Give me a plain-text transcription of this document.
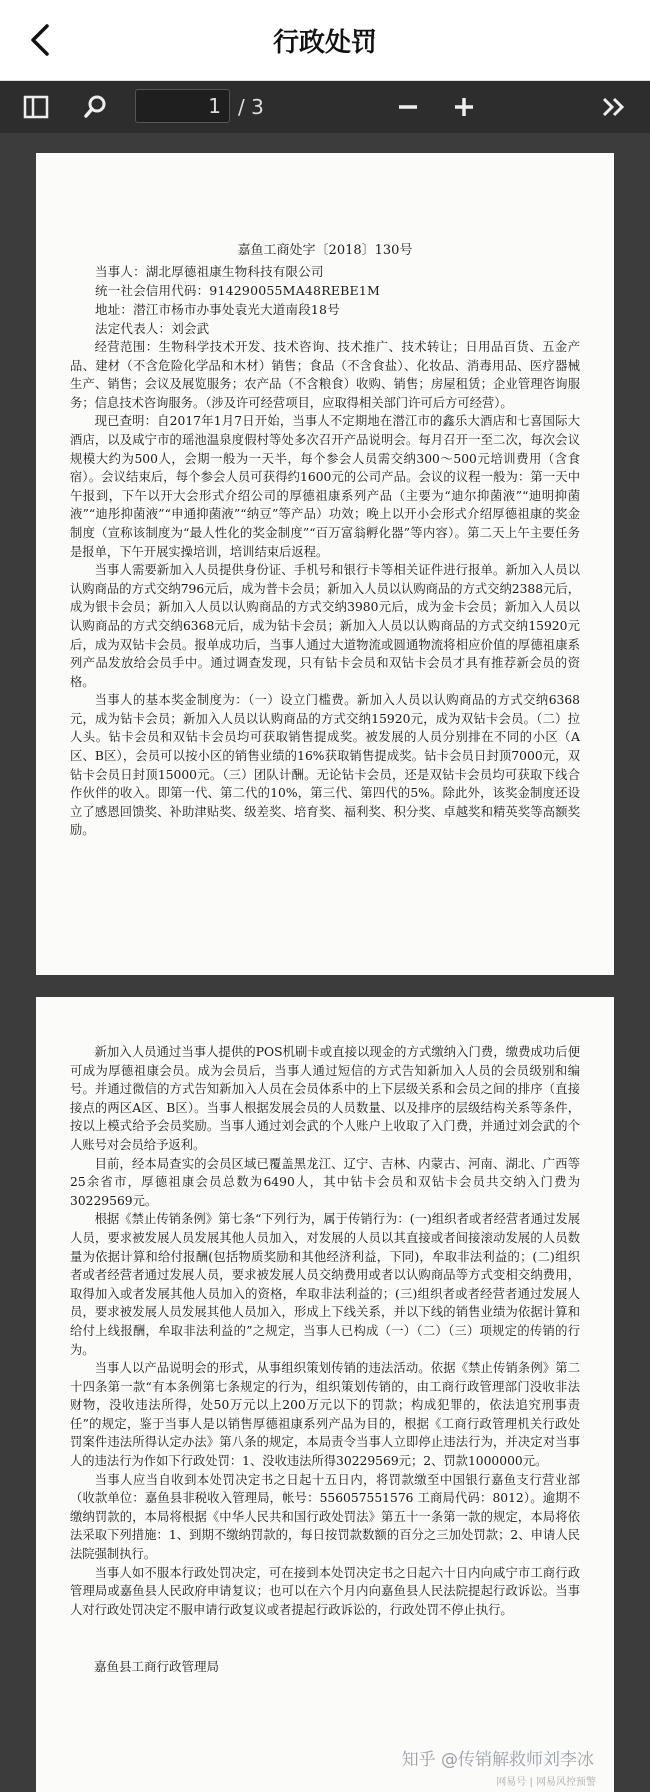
行政处罚
1 / 3
嘉鱼工商处字〔2018〕130号
当事人：湖北厚德祖康生物科技有限公司
统一社会信用代码：914290055MA48REBE1M
地址：潜江市杨市办事处袁光大道南段18号
法定代表人：刘会武

经营范围：生物科学技术开发、技术咨询、技术推广、技术转让；日用品百货、五金产品、建材（不含危险化学品和木材）销售；食品（不含食盐）、化妆品、消毒用品、医疗器械生产、销售；会议及展览服务；农产品（不含粮食）收购、销售；房屋租赁；企业管理咨询服务；信息技术咨询服务。（涉及许可经营项目，应取得相关部门许可后方可经营）。

现已查明：自2017年1月7日开始，当事人不定期地在潜江市的鑫乐大酒店和七喜国际大酒店，以及咸宁市的瑶池温泉度假村等处多次召开产品说明会。每月召开一至二次，每次会议规模大约为500人，会期一般为一天半，每个参会人员需交纳300～500元培训费用（含食宿）。会议结束后，每个参会人员可获得约1600元的公司产品。会议的议程一般为：第一天中午报到，下午以开大会形式介绍公司的厚德祖康系列产品（主要为“迪尔抑菌液”“迪明抑菌液”“迪彤抑菌液”“申通抑菌液”“纳豆”等产品）功效；晚上以开小会形式介绍厚德祖康的奖金制度（宣称该制度为“最人性化的奖金制度”“百万富翁孵化器”等内容）。第二天上午主要任务是报单，下午开展实操培训，培训结束后返程。

当事人需要新加入人员提供身份证、手机号和银行卡等相关证件进行报单。新加入人员以认购商品的方式交纳796元后，成为普卡会员；新加入人员以认购商品的方式交纳2388元后，成为银卡会员；新加入人员以认购商品的方式交纳3980元后，成为金卡会员；新加入人员以认购商品的方式交纳6368元后，成为钻卡会员；新加入人员以认购商品的方式交纳15920元后，成为双钻卡会员。报单成功后，当事人通过大道物流或圆通物流将相应价值的厚德祖康系列产品发放给会员手中。通过调查发现，只有钻卡会员和双钻卡会员才具有推荐新会员的资格。

当事人的基本奖金制度为：（一）设立门槛费。新加入人员以认购商品的方式交纳6368元，成为钻卡会员；新加入人员以认购商品的方式交纳15920元，成为双钻卡会员。（二）拉人头。钻卡会员和双钻卡会员均可获取销售提成奖。被发展的人员分别排在不同的小区（A区、B区），会员可以按小区的销售业绩的16%获取销售提成奖。钻卡会员日封顶7000元，双钻卡会员日封顶15000元。（三）团队计酬。无论钻卡会员，还是双钻卡会员均可获取下线合作伙伴的收入。即第一代、第二代的10%，第三代、第四代的5%。除此外，该奖金制度还设立了感恩回馈奖、补助津贴奖、级差奖、培育奖、福利奖、积分奖、卓越奖和精英奖等高额奖励。

新加入人员通过当事人提供的POS机刷卡或直接以现金的方式缴纳入门费，缴费成功后便可成为厚德祖康会员。成为会员后，当事人通过短信的方式告知新加入人员的会员级别和编号。并通过微信的方式告知新加入人员在会员体系中的上下层级关系和会员之间的排序（直接接点的两区A区、B区）。当事人根据发展会员的人员数量、以及排序的层级结构关系等条件，按以上模式给予会员奖励。当事人通过刘会武的个人账户上收取了入门费，并通过刘会武的个人账号对会员给予返利。

目前，经本局查实的会员区域已覆盖黑龙江、辽宁、吉林、内蒙古、河南、湖北、广西等25余省市，厚德祖康会员总数为6490人，其中钻卡会员和双钻卡会员共交纳入门费为30229569元。

根据《禁止传销条例》第七条“下列行为，属于传销行为：(一)组织者或者经营者通过发展人员，要求被发展人员发展其他人员加入，对发展的人员以其直接或者间接滚动发展的人员数量为依据计算和给付报酬(包括物质奖励和其他经济利益，下同)，牟取非法利益的；(二)组织者或者经营者通过发展人员，要求被发展人员交纳费用或者以认购商品等方式变相交纳费用，取得加入或者发展其他人员加入的资格，牟取非法利益的；(三)组织者或者经营者通过发展人员，要求被发展人员发展其他人员加入，形成上下线关系，并以下线的销售业绩为依据计算和给付上线报酬，牟取非法利益的”之规定，当事人已构成（一）（二）（三）项规定的传销的行为。

当事人以产品说明会的形式，从事组织策划传销的违法活动。依据《禁止传销条例》第二十四条第一款“有本条例第七条规定的行为，组织策划传销的，由工商行政管理部门没收非法财物，没收违法所得，处50万元以上200万元以下的罚款；构成犯罪的，依法追究刑事责任”的规定，鉴于当事人是以销售厚德祖康系列产品为目的，根据《工商行政管理机关行政处罚案件违法所得认定办法》第八条的规定，本局责令当事人立即停止违法行为，并决定对当事人的违法行为作如下行政处罚：1、没收违法所得30229569元；2、罚款1000000元。

当事人应当自收到本处罚决定书之日起十五日内，将罚款缴至中国银行嘉鱼支行营业部（收款单位：嘉鱼县非税收入管理局，帐号：556057551576 工商局代码：8012）。逾期不缴纳罚款的，本局将根据《中华人民共和国行政处罚法》第五十一条第一款的规定，本局将依法采取下列措施：1、到期不缴纳罚款的，每日按罚款数额的百分之三加处罚款；2、申请人民法院强制执行。

当事人如不服本行政处罚决定，可在接到本处罚决定书之日起六十日内向咸宁市工商行政管理局或嘉鱼县人民政府申请复议；也可以在六个月内向嘉鱼县人民法院提起行政诉讼。当事人对行政处罚决定不服申请行政复议或者提起行政诉讼的，行政处罚不停止执行。

嘉鱼县工商行政管理局
知乎 @传销解救师刘李冰
网易号 | 网易风控预警
